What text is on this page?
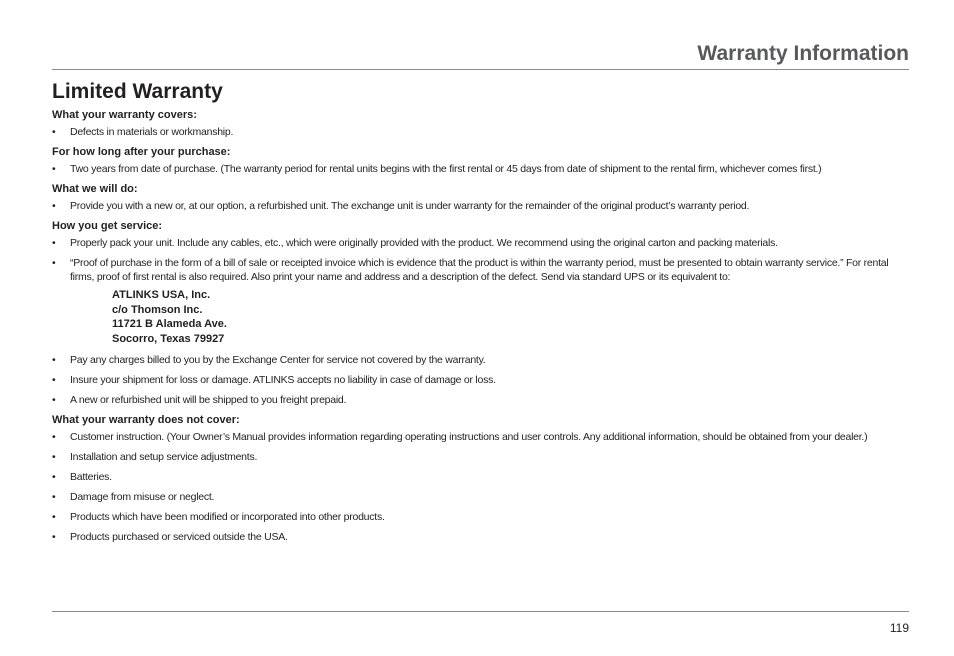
Warranty Information
Limited Warranty
What your warranty covers:
• Defects in materials or workmanship.
For how long after your purchase:
• Two years from date of purchase. (The warranty period for rental units begins with the first rental or 45 days from date of shipment to the rental firm, whichever comes first.)
What we will do:
• Provide you with a new or, at our option, a refurbished unit. The exchange unit is under warranty for the remainder of the original product’s warranty period.
How you get service:
• Properly pack your unit. Include any cables, etc., which were originally provided with the product. We recommend using the original carton and packing materials.
• “Proof of purchase in the form of a bill of sale or receipted invoice which is evidence that the product is within the warranty period, must be presented to obtain warranty service.” For rental firms, proof of first rental is also required. Also print your name and address and a description of the defect. Send via standard UPS or its equivalent to:
ATLINKS USA, Inc.
c/o Thomson Inc.
11721 B Alameda Ave.
Socorro, Texas 79927
• Pay any charges billed to you by the Exchange Center for service not covered by the warranty.
• Insure your shipment for loss or damage. ATLINKS accepts no liability in case of damage or loss.
• A new or refurbished unit will be shipped to you freight prepaid.
What your warranty does not cover:
• Customer instruction. (Your Owner’s Manual provides information regarding operating instructions and user controls. Any additional information, should be obtained from your dealer.)
• Installation and setup service adjustments.
• Batteries.
• Damage from misuse or neglect.
• Products which have been modified or incorporated into other products.
• Products purchased or serviced outside the USA.
119
